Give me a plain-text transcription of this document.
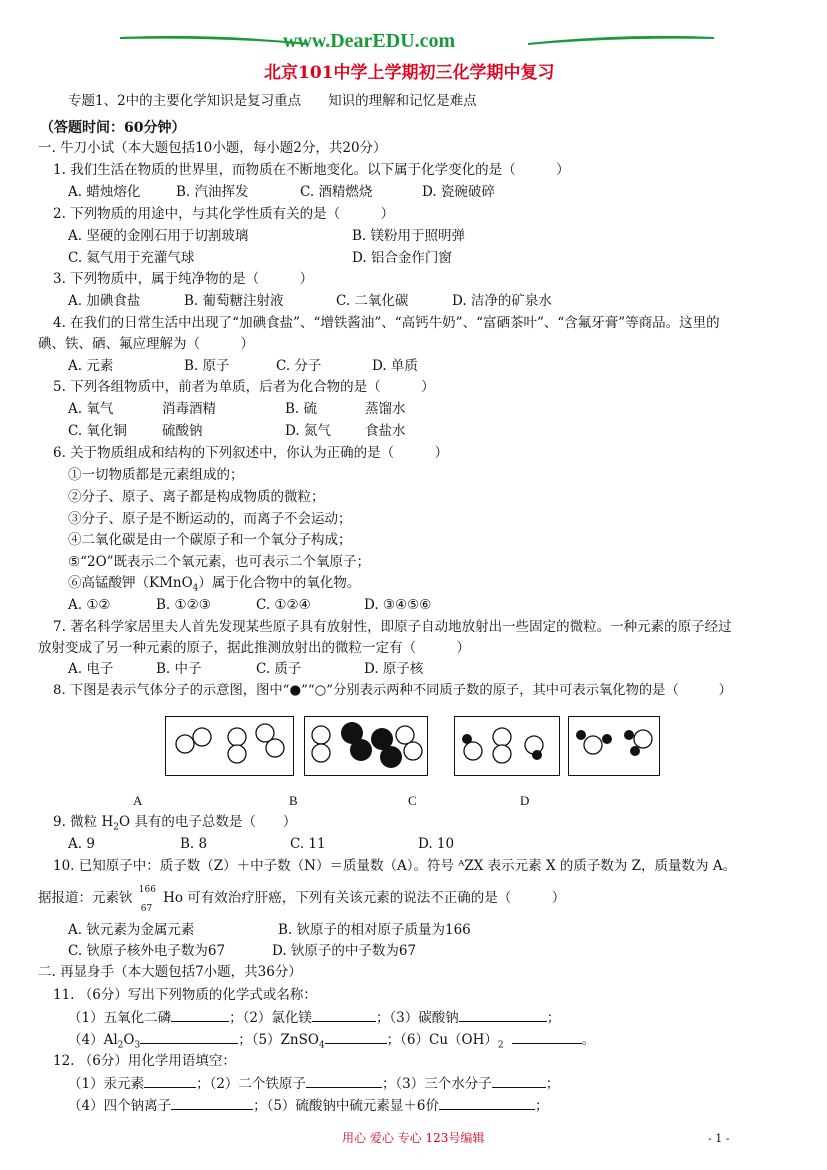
www.DearEDU.com
北京101中学上学期初三化学期中复习
专题1、2中的主要化学知识是复习重点　　知识的理解和记忆是难点
（答题时间：60分钟）
一. 牛刀小试（本大题包括10小题，每小题2分，共20分）
1. 我们生活在物质的世界里，而物质在不断地变化。以下属于化学变化的是（　　　）
A. 蜡烛熔化	B. 汽油挥发	C. 酒精燃烧	D. 瓷碗破碎
2. 下列物质的用途中，与其化学性质有关的是（　　　）
A. 坚硬的金刚石用于切割玻璃	B. 镁粉用于照明弹
C. 氦气用于充灌气球	D. 铝合金作门窗
3. 下列物质中，属于纯净物的是（　　　）
A. 加碘食盐	B. 葡萄糖注射液	C. 二氧化碳	D. 洁净的矿泉水
4. 在我们的日常生活中出现了“加碘食盐”、“增铁酱油”、“高钙牛奶”、“富硒茶叶”、“含氟牙膏”等商品。这里的
碘、铁、硒、氟应理解为（　　　）
A. 元素	B. 原子	C. 分子	D. 单质
5. 下列各组物质中，前者为单质，后者为化合物的是（　　　）
A. 氧气	消毒酒精	B. 硫	蒸馏水
C. 氧化铜	硫酸钠	D. 氮气	食盐水
6. 关于物质组成和结构的下列叙述中，你认为正确的是（　　　）
①一切物质都是元素组成的；
②分子、原子、离子都是构成物质的微粒；
③分子、原子是不断运动的，而离子不会运动；
④二氧化碳是由一个碳原子和一个氧分子构成；
⑤“2O”既表示二个氧元素，也可表示二个氧原子；
⑥高锰酸钾（KMnO$_4$）属于化合物中的氧化物。
A. ①②	B. ①②③	C. ①②④	D. ③④⑤⑥
7. 著名科学家居里夫人首先发现某些原子具有放射性，即原子自动地放射出一些固定的微粒。一种元素的原子经过
放射变成了另一种元素的原子，据此推测放射出的微粒一定有（　　　）
A. 电子	B. 中子	C. 质子	D. 原子核
8. 下图是表示气体分子的示意图，图中“●”“○”分别表示两种不同质子数的原子，其中可表示氧化物的是（　　　）
A	B	C	D
9. 微粒 $H_2O$ 具有的电子总数是（　　）
A. 9	B. 8	C. 11	D. 10
10. 已知原子中：质子数（Z）＋中子数（N）＝质量数（A）。符号 ᴬZX 表示元素 X 的质子数为 Z，质量数为 A。
据报道：元素钬
166
67
Ho 可有效治疗肝癌，下列有关该元素的说法不正确的是（　　　）
A. 钬元素为金属元素	B. 钬原子的相对原子质量为166
C. 钬原子核外电子数为67	D. 钬原子的中子数为67
二. 再显身手（本大题包括7小题，共36分）
11. （6分）写出下列物质的化学式或名称：
（1）五氧化二磷	；（2）氯化镁	；（3）碳酸钠	；
$(4)Al_2O_3$	；（5）ZnSO$_4$	；$(6)Cu(OH)_2$	。
12. （6分）用化学用语填空：
（1）汞元素	；（2）二个铁原子	；（3）三个水分子	；
（4）四个钠离子	；（5）硫酸钠中硫元素显＋6价	；
用心 爱心 专心 123号编辑	- 1 -
